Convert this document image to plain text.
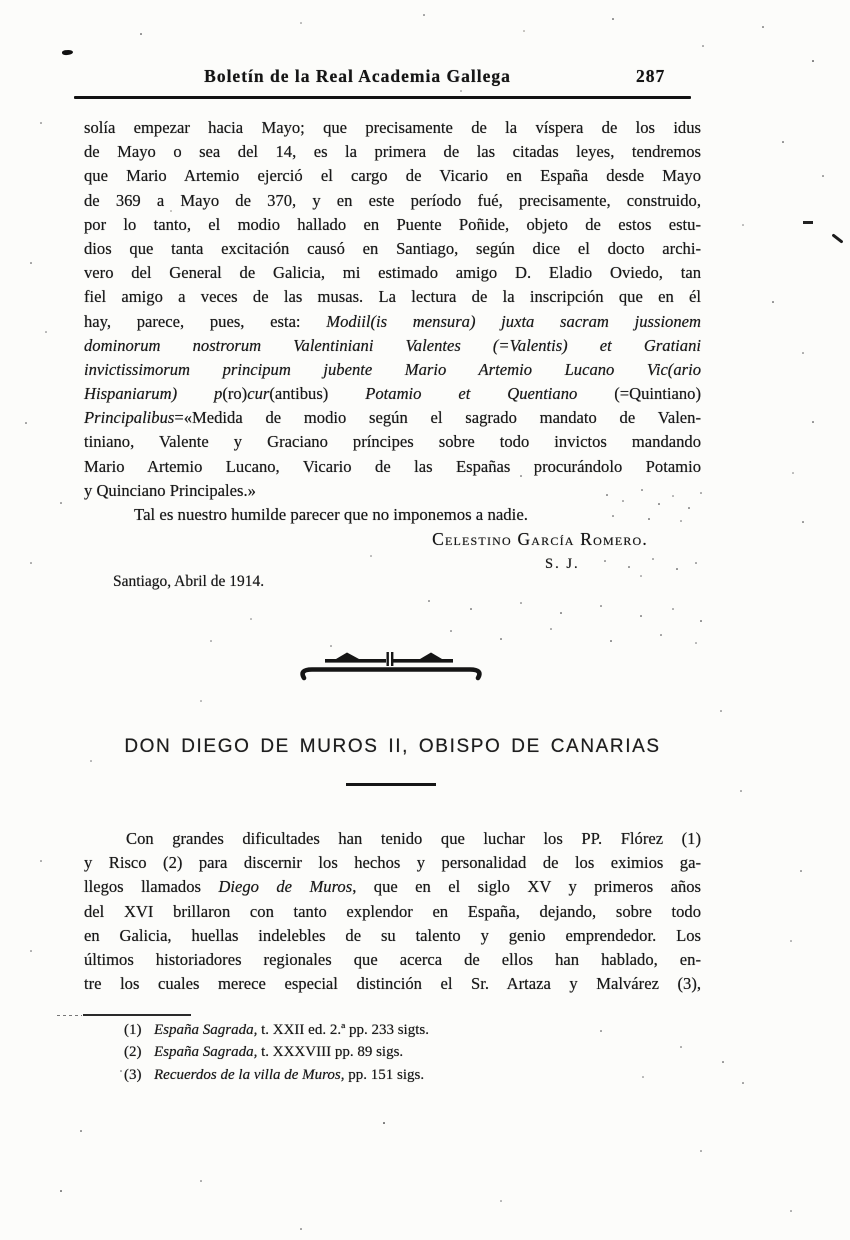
Boletín de la Real Academia Gallega	287
solía empezar hacia Mayo; que precisamente de la víspera de los idus
de Mayo o sea del 14, es la primera de las citadas leyes, tendremos
que Mario Artemio ejerció el cargo de Vicario en España desde Mayo
de 369 a Mayo de 370, y en este período fué, precisamente, construido,
por lo tanto, el modio hallado en Puente Poñide, objeto de estos estu-
dios que tanta excitación causó en Santiago, según dice el docto archi-
vero del General de Galicia, mi estimado amigo D. Eladio Oviedo, tan
fiel amigo a veces de las musas. La lectura de la inscripción que en él
hay, parece, pues, esta: Modiil(is mensura) juxta sacram jussionem
dominorum nostrorum Valentiniani Valentes (=Valentis) et Gratiani
invictissimorum principum jubente Mario Artemio Lucano Vic(ario
Hispaniarum) p(ro)cur(antibus) Potamio et Quentiano (=Quintiano)
Principalibus=«Medida de modio según el sagrado mandato de Valen-
tiniano, Valente y Graciano príncipes sobre todo invictos mandando
Mario Artemio Lucano, Vicario de las Españas procurándolo Potamio
y Quinciano Principales.»
Tal es nuestro humilde parecer que no imponemos a nadie.
Celestino García Romero.
S. J.
Santiago, Abril de 1914.
DON DIEGO DE MUROS II, OBISPO DE CANARIAS
Con grandes dificultades han tenido que luchar los PP. Flórez (1)
y Risco (2) para discernir los hechos y personalidad de los eximios ga-
llegos llamados Diego de Muros, que en el siglo XV y primeros años
del XVI brillaron con tanto explendor en España, dejando, sobre todo
en Galicia, huellas indelebles de su talento y genio emprendedor. Los
últimos historiadores regionales que acerca de ellos han hablado, en-
tre los cuales merece especial distinción el Sr. Artaza y Malvárez (3),
(1) España Sagrada, t. XXII ed. 2.ª pp. 233 sigts.
(2) España Sagrada, t. XXXVIII pp. 89 sigs.
(3) Recuerdos de la villa de Muros, pp. 151 sigs.
